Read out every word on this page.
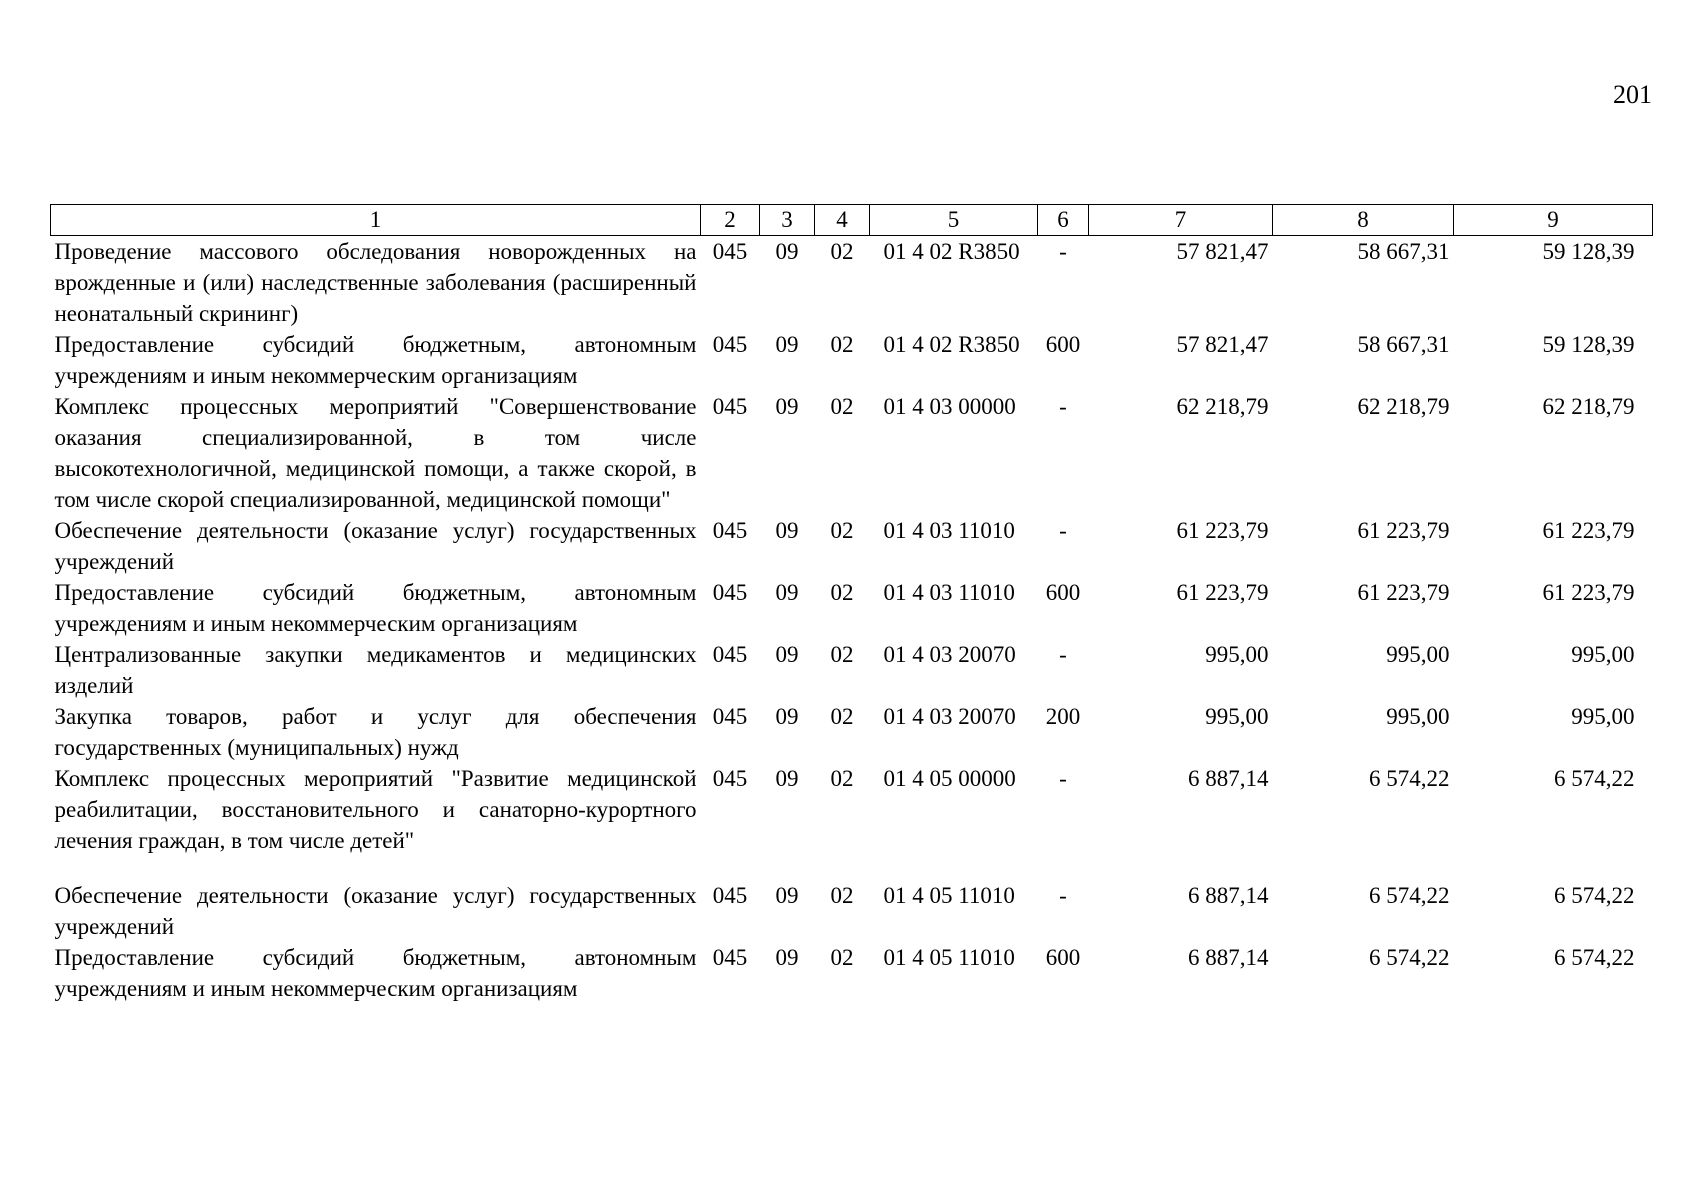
201
1	2	3	4	5	6	7	8	9
Проведение массового обследования новорожденных на врожденные и (или) наследственные заболевания (расширенный неонатальный скрининг)	045	09	02	01 4 02 R3850	-	57 821,47	58 667,31	59 128,39
Предоставление субсидий бюджетным, автономным учреждениям и иным некоммерческим организациям	045	09	02	01 4 02 R3850	600	57 821,47	58 667,31	59 128,39
Комплекс процессных мероприятий "Совершенствование оказания специализированной, в том числе высокотехнологичной, медицинской помощи, а также скорой, в том числе скорой специализированной, медицинской помощи"	045	09	02	01 4 03 00000	-	62 218,79	62 218,79	62 218,79
Обеспечение деятельности (оказание услуг) государственных учреждений	045	09	02	01 4 03 11010	-	61 223,79	61 223,79	61 223,79
Предоставление субсидий бюджетным, автономным учреждениям и иным некоммерческим организациям	045	09	02	01 4 03 11010	600	61 223,79	61 223,79	61 223,79
Централизованные закупки медикаментов и медицинских изделий	045	09	02	01 4 03 20070	-	995,00	995,00	995,00
Закупка товаров, работ и услуг для обеспечения государственных (муниципальных) нужд	045	09	02	01 4 03 20070	200	995,00	995,00	995,00
Комплекс процессных мероприятий "Развитие медицинской реабилитации, восстановительного и санаторно-курортного лечения граждан, в том числе детей"	045	09	02	01 4 05 00000	-	6 887,14	6 574,22	6 574,22

Обеспечение деятельности (оказание услуг) государственных учреждений	045	09	02	01 4 05 11010	-	6 887,14	6 574,22	6 574,22
Предоставление субсидий бюджетным, автономным учреждениям и иным некоммерческим организациям	045	09	02	01 4 05 11010	600	6 887,14	6 574,22	6 574,22
